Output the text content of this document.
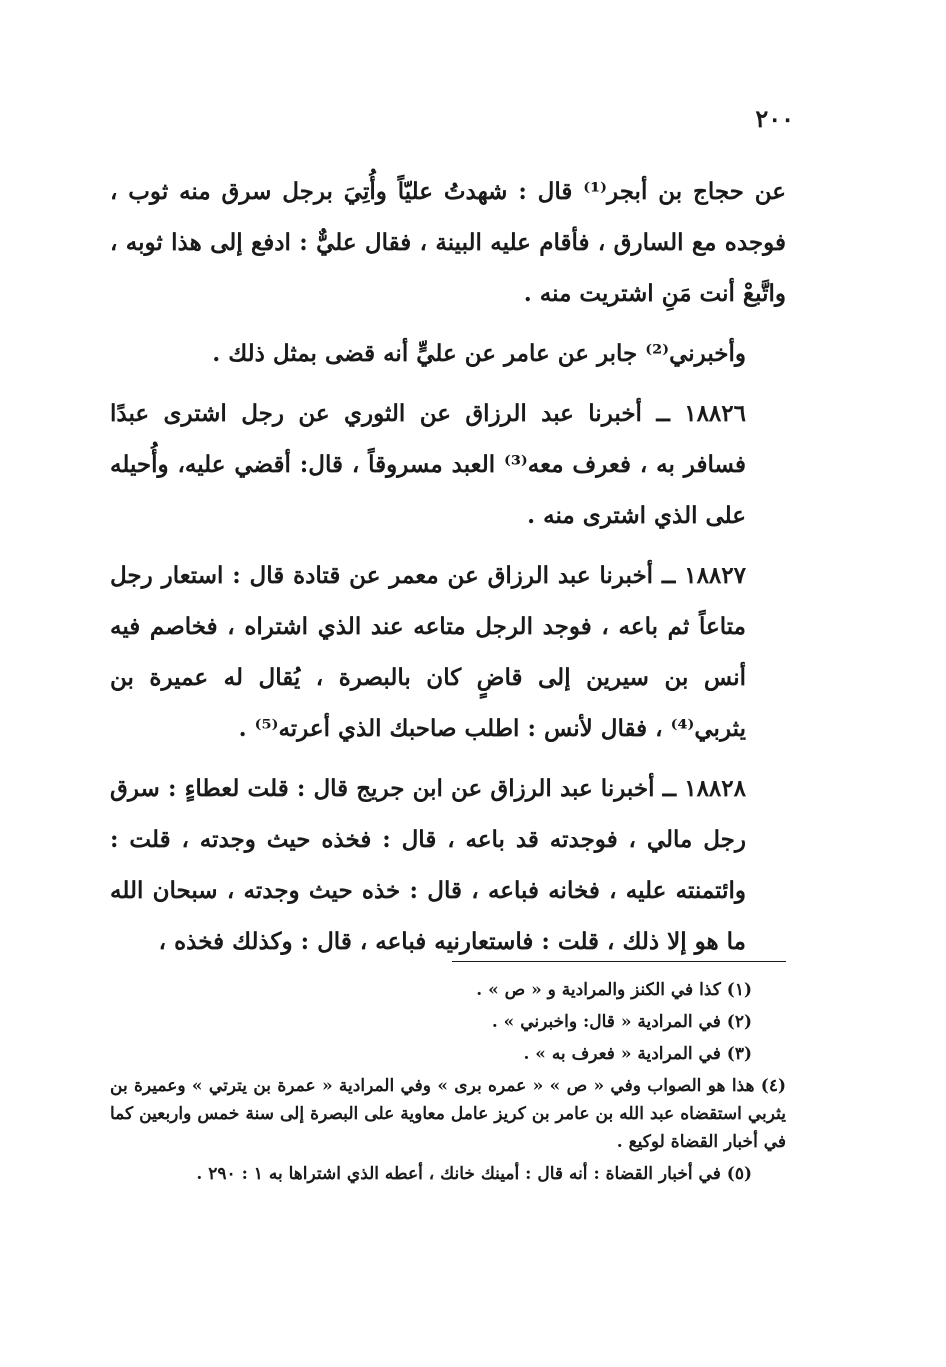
٢٠٠

عن حجاج بن أبجر⁽¹⁾ قال : شهدتُ عليّاً وأُتِيَ برجل سرق منه ثوب ، فوجده مع السارق ، فأقام عليه البينة ، فقال عليٌّ : ادفع إلى هذا ثوبه ، واتَّبعْ أنت مَنِ اشتريت منه .

وأخبرني⁽²⁾ جابر عن عامر عن عليٍّ أنه قضى بمثل ذلك .

١٨٨٢٦ ــ أخبرنا عبد الرزاق عن الثوري عن رجل اشترى عبدًا فسافر به ، فعرف معه⁽³⁾ العبد مسروقاً ، قال: أقضي عليه، وأُحيله على الذي اشترى منه .

١٨٨٢٧ ــ أخبرنا عبد الرزاق عن معمر عن قتادة قال : استعار رجل متاعاً ثم باعه ، فوجد الرجل متاعه عند الذي اشتراه ، فخاصم فيه أنس بن سيرين إلى قاضٍ كان بالبصرة ، يُقال له عميرة بن يثربي⁽⁴⁾ ، فقال لأنس : اطلب صاحبك الذي أعرته⁽⁵⁾ .

١٨٨٢٨ ــ أخبرنا عبد الرزاق عن ابن جريج قال : قلت لعطاءٍ : سرق رجل مالي ، فوجدته قد باعه ، قال : فخذه حيث وجدته ، قلت : وائتمنته عليه ، فخانه فباعه ، قال : خذه حيث وجدته ، سبحان الله ما هو إلا ذلك ، قلت : فاستعارنيه فباعه ، قال : وكذلك فخذه ،

(١) كذا في الكنز والمرادية و « ص » .

(٢) في المرادية « قال: واخبرني » .

(٣) في المرادية « فعرف به » .

(٤) هذا هو الصواب وفي « ص » « عمره برى » وفي المرادية « عمرة بن يترتي » وعميرة بن يثربي استقضاه عبد الله بن عامر بن كريز عامل معاوية على البصرة إلى سنة خمس واربعين كما في أخبار القضاة لوكيع .

(٥) في أخبار القضاة : أنه قال : أمينك خانك ، أعطه الذي اشتراها به ١ : ٢٩٠ .
